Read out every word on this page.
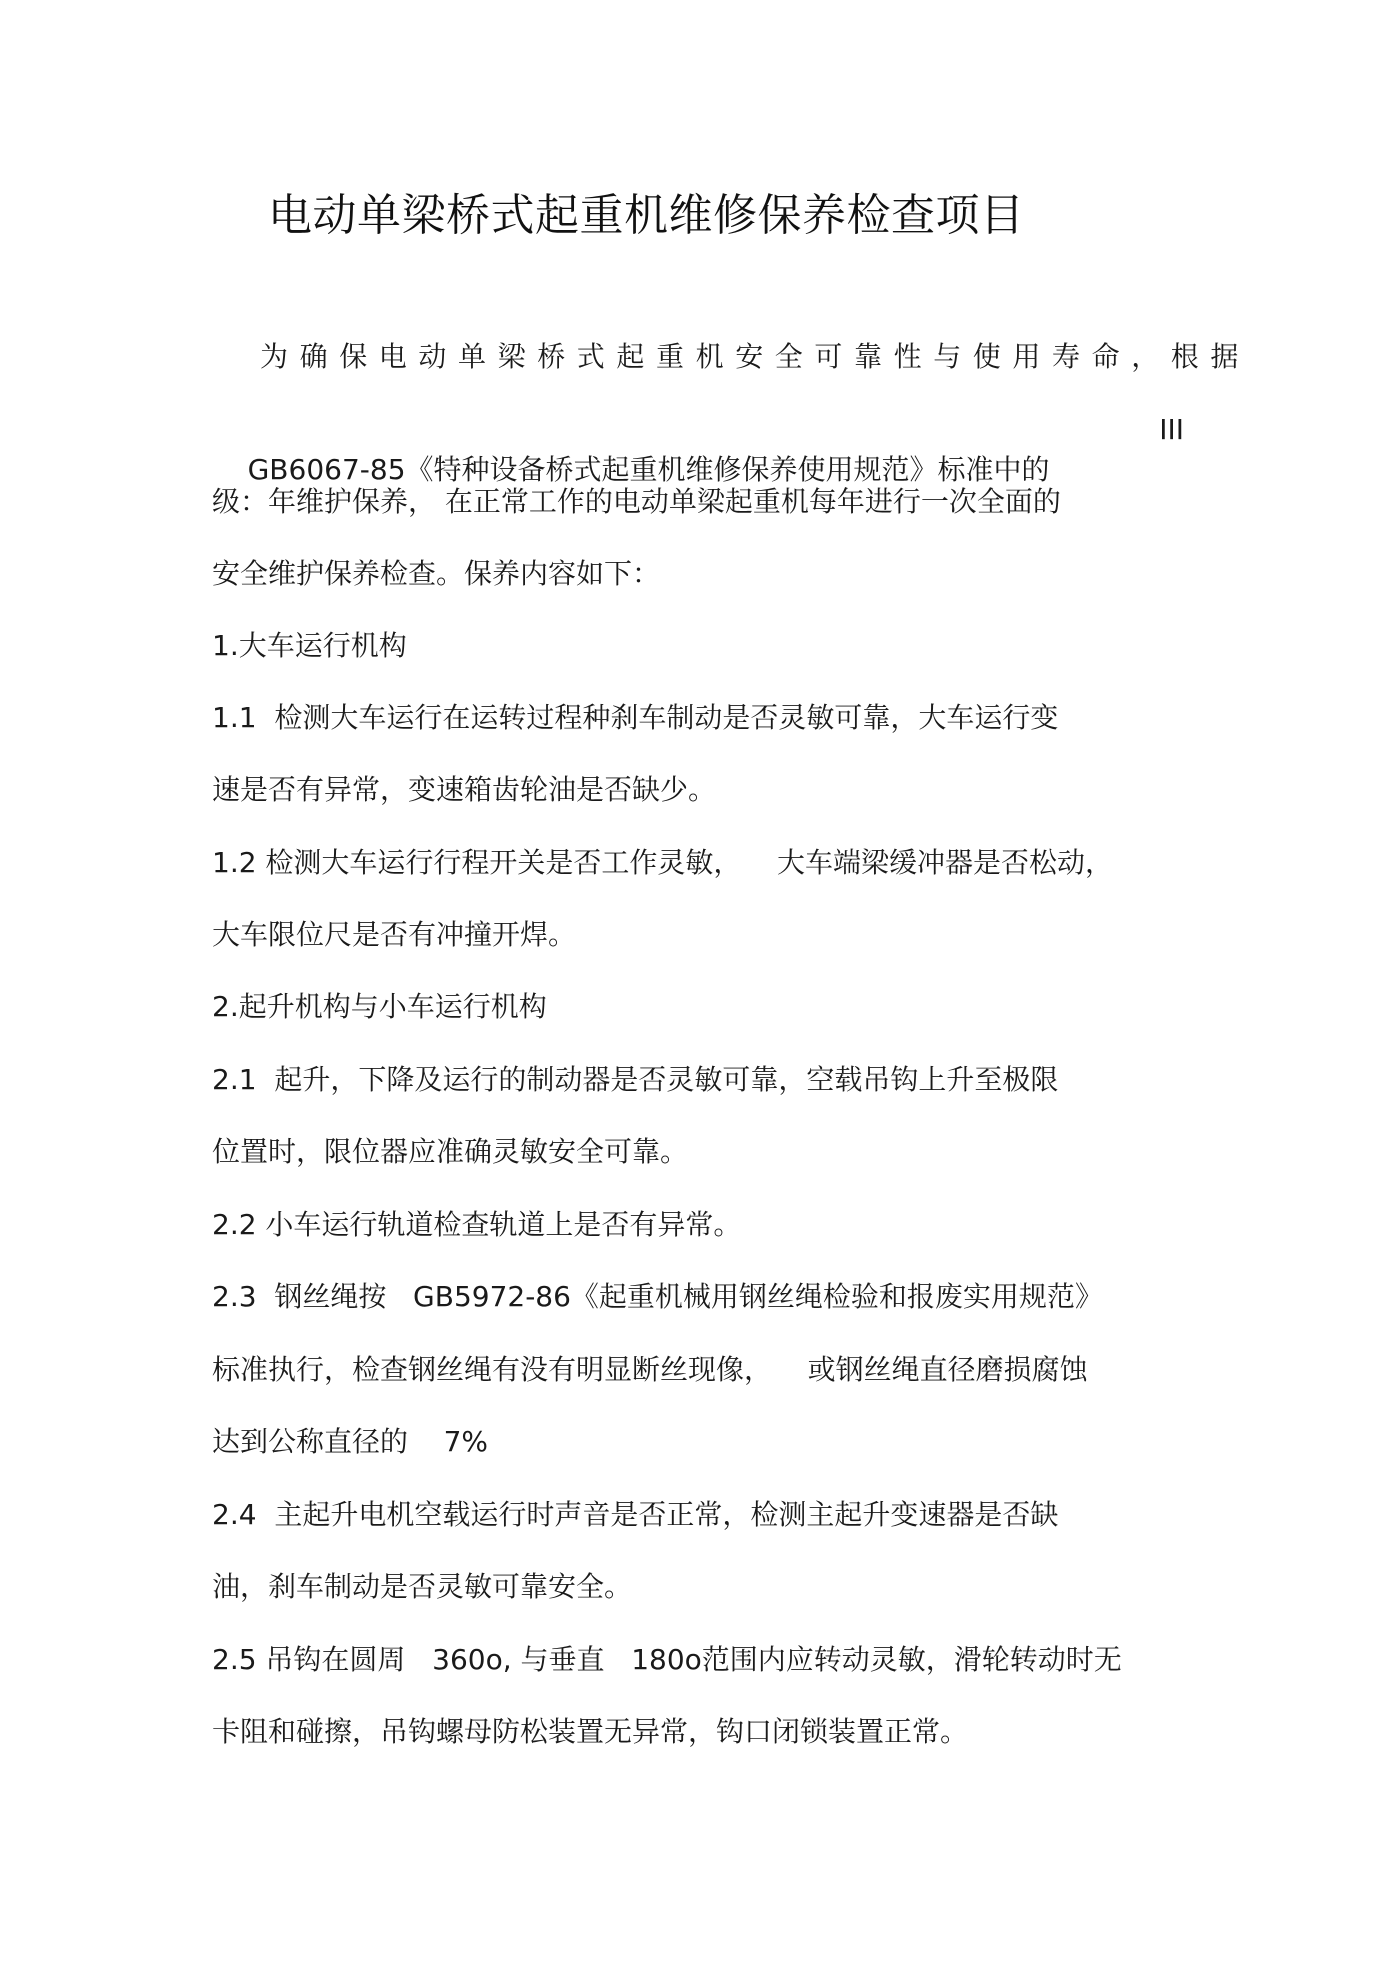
电动单梁桥式起重机维修保养检查项目
为确保电动单梁桥式起重机安全可靠性与使用寿命，根据

GB6067-85《特种设备桥式起重机维修保养使用规范》标准中的

III

级：年维护保养， 在正常工作的电动单梁起重机每年进行一次全面的
安全维护保养检查。保养内容如下：
1.大车运行机构
1.1  检测大车运行在运转过程种刹车制动是否灵敏可靠，大车运行变
速是否有异常，变速箱齿轮油是否缺少。
1.2 检测大车运行行程开关是否工作灵敏，    大车端梁缓冲器是否松动，
大车限位尺是否有冲撞开焊。
2.起升机构与小车运行机构
2.1  起升，下降及运行的制动器是否灵敏可靠，空载吊钩上升至极限
位置时，限位器应准确灵敏安全可靠。
2.2 小车运行轨道检查轨道上是否有异常。
2.3  钢丝绳按   GB5972-86《起重机械用钢丝绳检验和报废实用规范》
标准执行，检查钢丝绳有没有明显断丝现像，    或钢丝绳直径磨损腐蚀
达到公称直径的    7%
2.4  主起升电机空载运行时声音是否正常，检测主起升变速器是否缺
油，刹车制动是否灵敏可靠安全。
2.5 吊钩在圆周   360o, 与垂直   180o范围内应转动灵敏，滑轮转动时无
卡阻和碰擦，吊钩螺母防松装置无异常，钩口闭锁装置正常。
